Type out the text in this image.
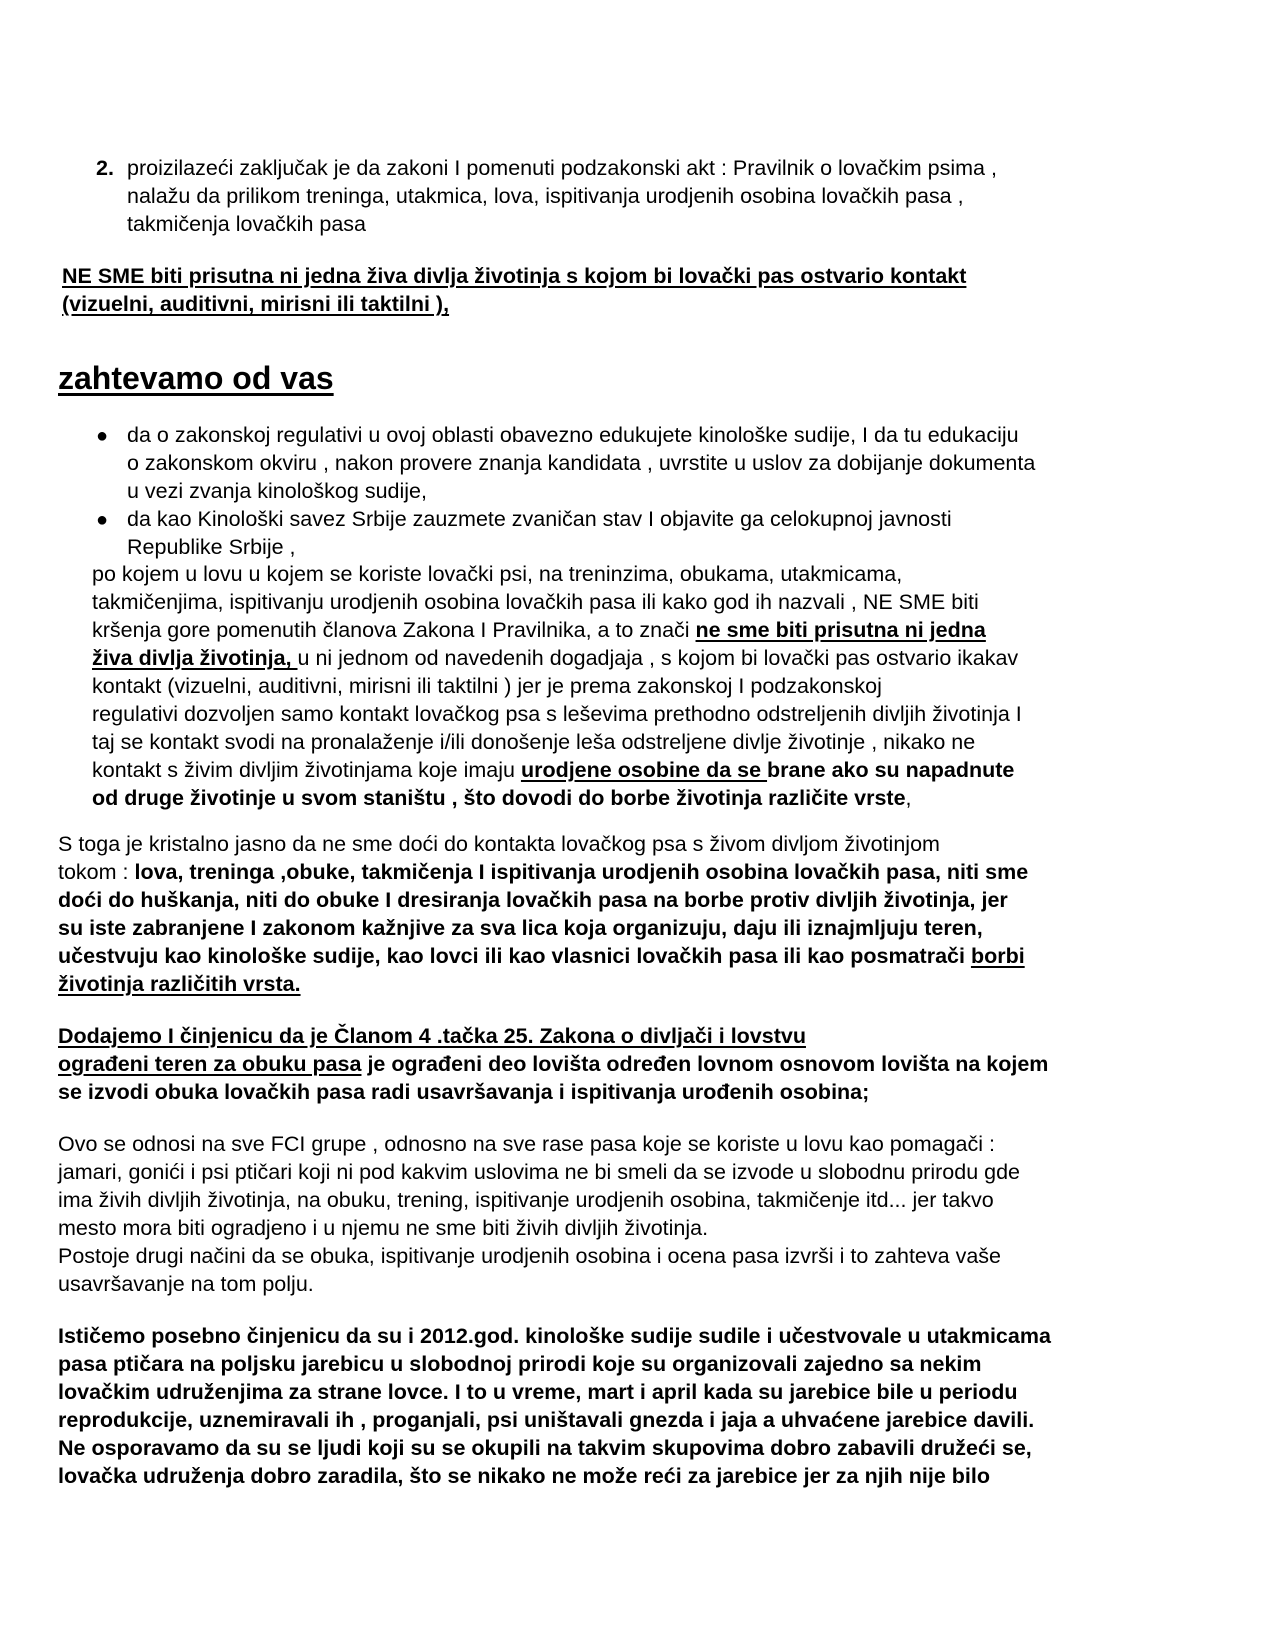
2. proizilazeći zaključak je da zakoni I pomenuti podzakonski akt : Pravilnik o lovačkim psima ,
nalažu da prilikom treninga, utakmica, lova, ispitivanja urodjenih osobina lovačkih pasa ,
takmičenja lovačkih pasa
NE SME biti prisutna ni jedna živa divlja životinja s kojom bi lovački pas ostvario kontakt
(vizuelni, auditivni, mirisni ili taktilni ),
zahtevamo od vas
● da o zakonskoj regulativi u ovoj oblasti obavezno edukujete kinološke sudije, I da tu edukaciju
o zakonskom okviru , nakon provere znanja kandidata , uvrstite u uslov za dobijanje dokumenta
u vezi zvanja kinološkog sudije,
● da kao Kinološki savez Srbije zauzmete zvaničan stav I objavite ga celokupnoj javnosti
Republike Srbije ,
po kojem u lovu u kojem se koriste lovački psi, na treninzima, obukama, utakmicama,
takmičenjima, ispitivanju urodjenih osobina lovačkih pasa ili kako god ih nazvali , NE SME biti
kršenja gore pomenutih članova Zakona I Pravilnika, a to znači ne sme biti prisutna ni jedna
živa divlja životinja, u ni jednom od navedenih dogadjaja , s kojom bi lovački pas ostvario ikakav
kontakt (vizuelni, auditivni, mirisni ili taktilni ) jer je prema zakonskoj I podzakonskoj
regulativi dozvoljen samo kontakt lovačkog psa s leševima prethodno odstreljenih divljih životinja I
taj se kontakt svodi na pronalaženje i/ili donošenje leša odstreljene divlje životinje , nikako ne
kontakt s živim divljim životinjama koje imaju urodjene osobine da se brane ako su napadnute
od druge životinje u svom staništu , što dovodi do borbe životinja različite vrste,
S toga je kristalno jasno da ne sme doći do kontakta lovačkog psa s živom divljom životinjom
tokom : lova, treninga ,obuke, takmičenja I ispitivanja urodjenih osobina lovačkih pasa, niti sme
doći do huškanja, niti do obuke I dresiranja lovačkih pasa na borbe protiv divljih životinja, jer
su iste zabranjene I zakonom kažnjive za sva lica koja organizuju, daju ili iznajmljuju teren,
učestvuju kao kinološke sudije, kao lovci ili kao vlasnici lovačkih pasa ili kao posmatrači borbi
životinja različitih vrsta.
Dodajemo I činjenicu da je Članom 4 .tačka 25. Zakona o divljači i lovstvu
ograđeni teren za obuku pasa je ograđeni deo lovišta određen lovnom osnovom lovišta na kojem
se izvodi obuka lovačkih pasa radi usavršavanja i ispitivanja urođenih osobina;
Ovo se odnosi na sve FCI grupe , odnosno na sve rase pasa koje se koriste u lovu kao pomagači :
jamari, gonići i psi ptičari koji ni pod kakvim uslovima ne bi smeli da se izvode u slobodnu prirodu gde
ima živih divljih životinja, na obuku, trening, ispitivanje urodjenih osobina, takmičenje itd... jer takvo
mesto mora biti ogradjeno i u njemu ne sme biti živih divljih životinja.
Postoje drugi načini da se obuka, ispitivanje urodjenih osobina i ocena pasa izvrši i to zahteva vaše
usavršavanje na tom polju.
Ističemo posebno činjenicu da su i 2012.god. kinološke sudije sudile i učestvovale u utakmicama
pasa ptičara na poljsku jarebicu u slobodnoj prirodi koje su organizovali zajedno sa nekim
lovačkim udruženjima za strane lovce. I to u vreme, mart i april kada su jarebice bile u periodu
reprodukcije, uznemiravali ih , proganjali, psi uništavali gnezda i jaja a uhvaćene jarebice davili.
Ne osporavamo da su se ljudi koji su se okupili na takvim skupovima dobro zabavili družeći se,
lovačka udruženja dobro zaradila, što se nikako ne može reći za jarebice jer za njih nije bilo
